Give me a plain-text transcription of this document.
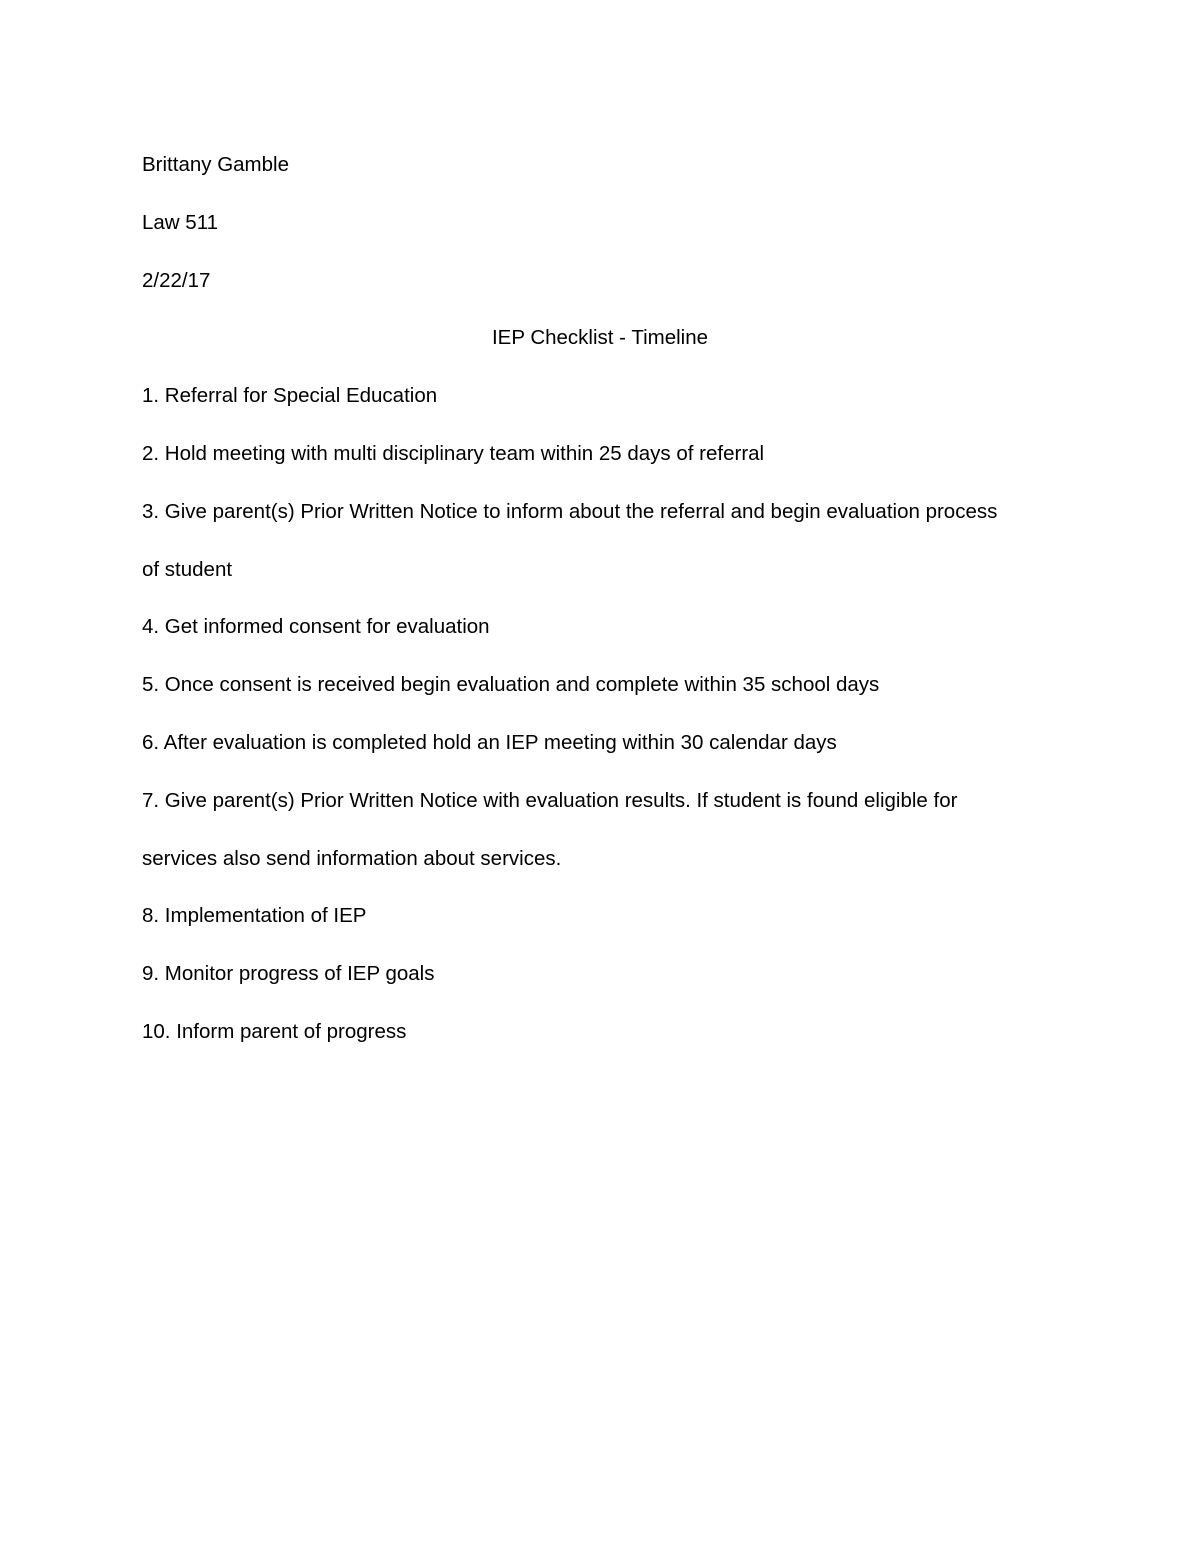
Brittany Gamble

Law 511

2/22/17

IEP Checklist - Timeline

1. Referral for Special Education

2. Hold meeting with multi disciplinary team within 25 days of referral

3. Give parent(s) Prior Written Notice to inform about the referral and begin evaluation process

of student

4. Get informed consent for evaluation

5. Once consent is received begin evaluation and complete within 35 school days

6. After evaluation is completed hold an IEP meeting within 30 calendar days

7. Give parent(s) Prior Written Notice with evaluation results. If student is found eligible for

services also send information about services.

8. Implementation of IEP

9. Monitor progress of IEP goals

10. Inform parent of progress
